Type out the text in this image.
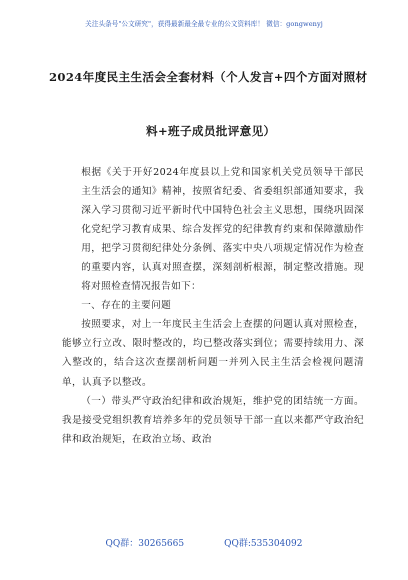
关注头条号"公文研究"，获得最新最全最专业的公文资料库！ 微信：gongwenyj
2024年度民主生活会全套材料（个人发言+四个方面对照材
料+班子成员批评意见）

根据《关于开好2024年度县以上党和国家机关党员领导干部民主生活会的通知》精神，按照省纪委、省委组织部通知要求，我深入学习贯彻习近平新时代中国特色社会主义思想，围绕巩固深化党纪学习教育成果、综合发挥党的纪律教育约束和保障激励作用，把学习贯彻纪律处分条例、落实中央八项规定情况作为检查的重要内容，认真对照查摆，深刻剖析根源，制定整改措施。现将对照检查情况报告如下：

一、存在的主要问题

按照要求，对上一年度民主生活会上查摆的问题认真对照检查，能够立行立改、限时整改的，均已整改落实到位；需要持续用力、深入整改的，结合这次查摆剖析问题一并列入民主生活会检视问题清单，认真予以整改。

（一）带头严守政治纪律和政治规矩，维护党的团结统一方面。我是接受党组织教育培养多年的党员领导干部一直以来都严守政治纪律和政治规矩，在政治立场、政治

QQ群：30265665	QQ群:535304092
